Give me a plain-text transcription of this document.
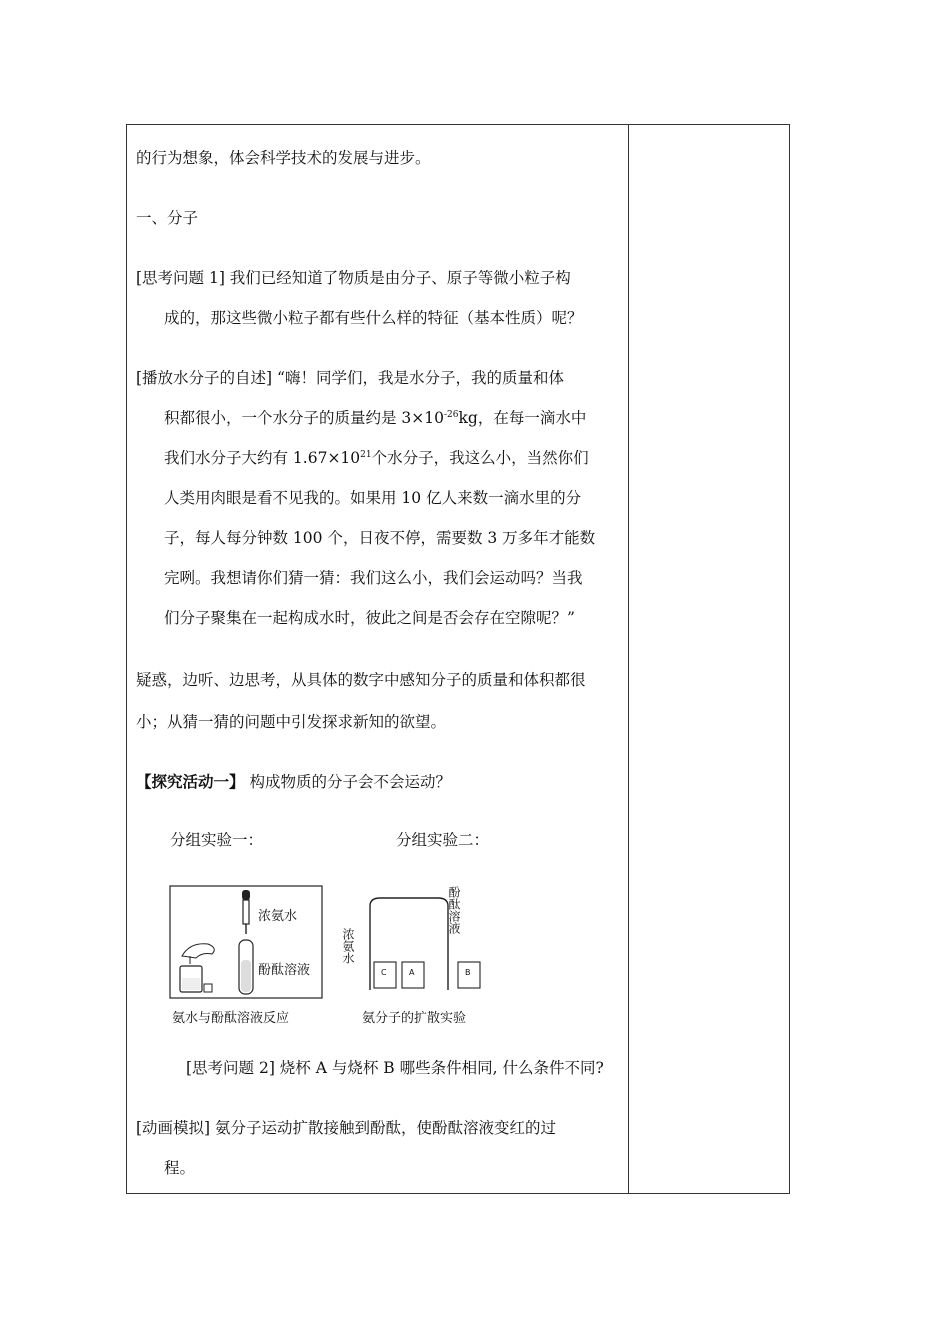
的行为想象，体会科学技术的发展与进步。
一、分子
[思考问题 1] 我们已经知道了物质是由分子、原子等微小粒子构
成的，那这些微小粒子都有些什么样的特征（基本性质）呢？
[播放水分子的自述] “嗨！同学们，我是水分子，我的质量和体
积都很小，一个水分子的质量约是 $3\times 10^{-26}kg$，在每一滴水中
我们水分子大约有 $1.67\times 10^{21}$个水分子，我这么小，当然你们
人类用肉眼是看不见我的。如果用 10 亿人来数一滴水里的分
子，每人每分钟数 100 个，日夜不停，需要数 3 万多年才能数
完咧。我想请你们猜一猜：我们这么小，我们会运动吗？当我
们分子聚集在一起构成水时，彼此之间是否会存在空隙呢？”
疑惑，边听、边思考，从具体的数字中感知分子的质量和体积都很
小；从猜一猜的问题中引发探求新知的欲望。
【探究活动一】 构成物质的分子会不会运动？
分组实验一：	分组实验二：
[思考问题 2] 烧杯 A 与烧杯 B 哪些条件相同, 什么条件不同?
[动画模拟] 氨分子运动扩散接触到酚酞，使酚酞溶液变红的过
程。
浓氨水
酚酞溶液
氨水与酚酞溶液反应
C	A	B
浓氨水
酚酞溶液
氨分子的扩散实验
